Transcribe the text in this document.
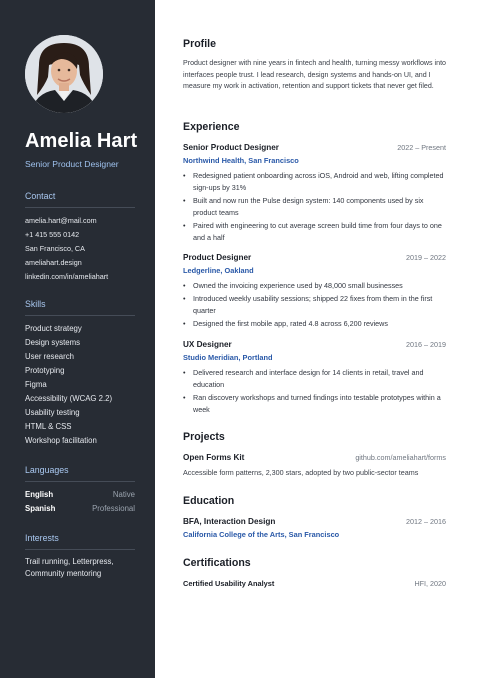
Amelia Hart
Senior Product Designer
Contact
amelia.hart@mail.com
+1 415 555 0142
San Francisco, CA
ameliahart.design
linkedin.com/in/ameliahart
Skills
Product strategy
Design systems
User research
Prototyping
Figma
Accessibility (WCAG 2.2)
Usability testing
HTML & CSS
Workshop facilitation
Languages
English	Native
Spanish	Professional
Interests
Trail running, Letterpress, Community mentoring
Profile
Product designer with nine years in fintech and health, turning messy workflows into interfaces people trust. I lead research, design systems and hands-on UI, and I measure my work in activation, retention and support tickets that never get filed.
Experience
Senior Product Designer	2022 – Present
Northwind Health, San Francisco
• Redesigned patient onboarding across iOS, Android and web, lifting completed sign-ups by 31%
• Built and now run the Pulse design system: 140 components used by six product teams
• Paired with engineering to cut average screen build time from four days to one and a half
Product Designer	2019 – 2022
Ledgerline, Oakland
• Owned the invoicing experience used by 48,000 small businesses
• Introduced weekly usability sessions; shipped 22 fixes from them in the first quarter
• Designed the first mobile app, rated 4.8 across 6,200 reviews
UX Designer	2016 – 2019
Studio Meridian, Portland
• Delivered research and interface design for 14 clients in retail, travel and education
• Ran discovery workshops and turned findings into testable prototypes within a week
Projects
Open Forms Kit	github.com/ameliahart/forms
Accessible form patterns, 2,300 stars, adopted by two public-sector teams
Education
BFA, Interaction Design	2012 – 2016
California College of the Arts, San Francisco
Certifications
Certified Usability Analyst	HFI, 2020
